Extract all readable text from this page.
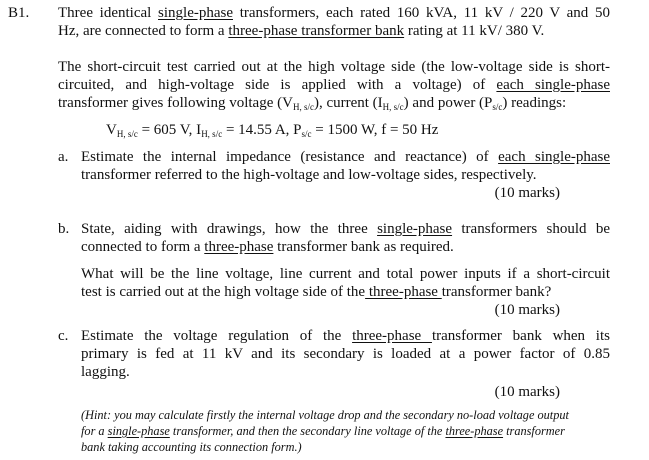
B1. Three identical single-phase transformers, each rated 160 kVA, 11 kV / 220 V and 50
Hz, are connected to form a three-phase transformer bank rating at 11 kV/ 380 V.
The short-circuit test carried out at the high voltage side (the low-voltage side is short-
circuited, and high-voltage side is applied with a voltage) of each single-phase
transformer gives following voltage $(V_{H, s/c})$, current $(I_{H, s/c})$ and power $(P_{s/c})$ readings:
$V_{H, s/c} = 605$ V, $I_{H, s/c} = 14.55$ A, $P_{s/c} = 1500$ W, f = 50 Hz
a. Estimate the internal impedance (resistance and reactance) of each single-phase
transformer referred to the high-voltage and low-voltage sides, respectively.
(10 marks)
b. State, aiding with drawings, how the three single-phase transformers should be
connected to form a three-phase transformer bank as required.
What will be the line voltage, line current and total power inputs if a short-circuit
test is carried out at the high voltage side of the three-phase transformer bank?
(10 marks)
c. Estimate the voltage regulation of the three-phase transformer bank when its
primary is fed at 11 kV and its secondary is loaded at a power factor of 0.85
lagging.
(10 marks)
(Hint: you may calculate firstly the internal voltage drop and the secondary no-load voltage output
for a single-phase transformer, and then the secondary line voltage of the three-phase transformer
bank taking accounting its connection form.)
